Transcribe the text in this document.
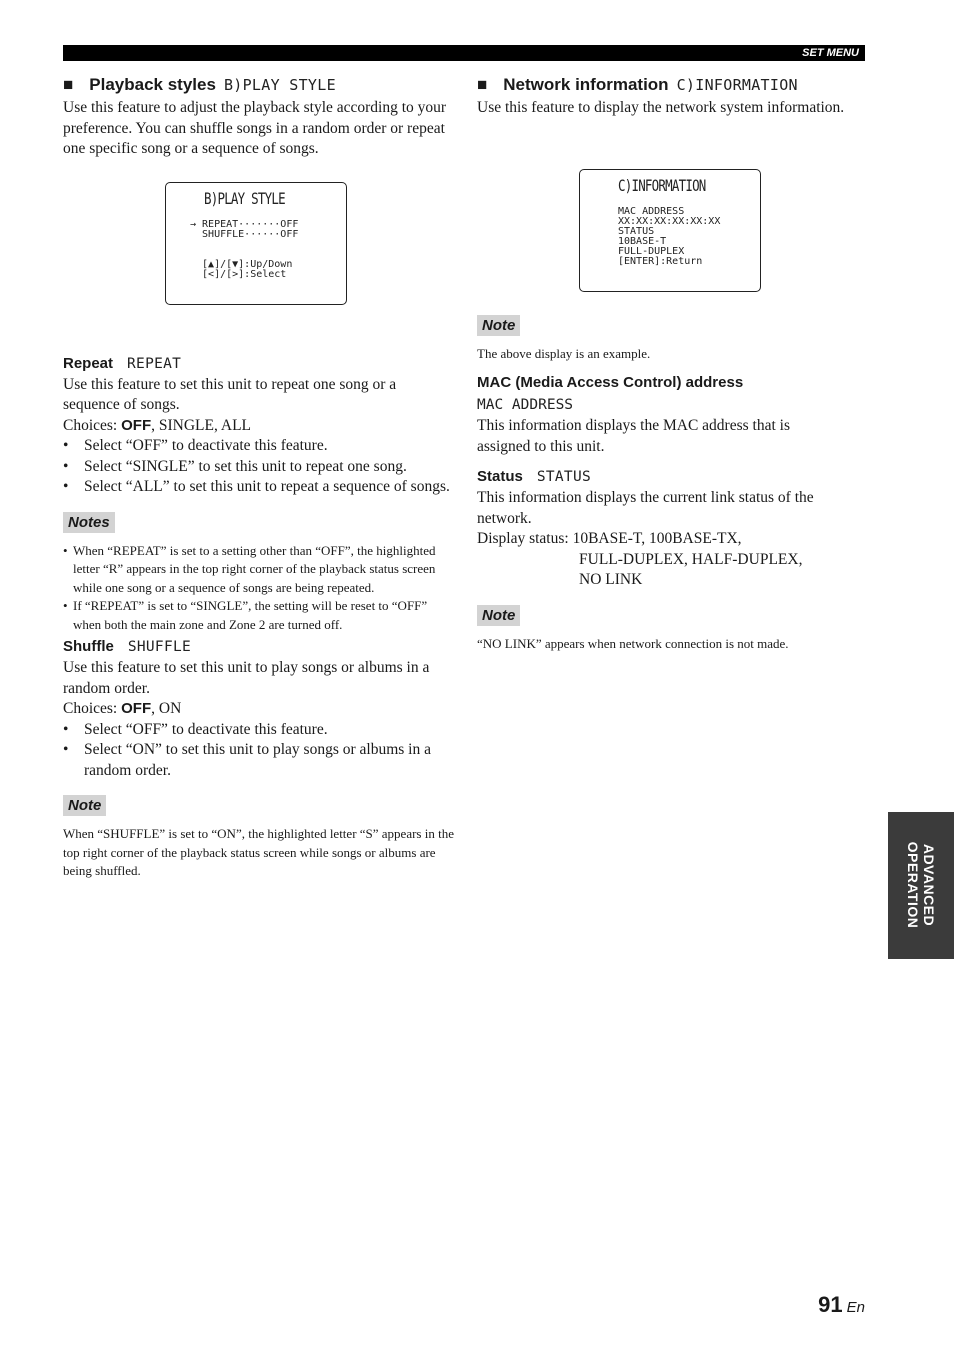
SET MENU
■ Playback styles B)PLAY STYLE

Use this feature to adjust the playback style according to your preference. You can shuffle songs in a random order or repeat one specific song or a sequence of songs.

Repeat REPEAT

Use this feature to set this unit to repeat one song or a sequence of songs.

Choices: OFF, SINGLE, ALL

• Select “OFF” to deactivate this feature.
• Select “SINGLE” to set this unit to repeat one song.
• Select “ALL” to set this unit to repeat a sequence of songs.
Notes
• When “REPEAT” is set to a setting other than “OFF”, the highlighted letter “R” appears in the top right corner of the playback status screen while one song or a sequence of songs are being repeated.
• If “REPEAT” is set to “SINGLE”, the setting will be reset to “OFF” when both the main zone and Zone 2 are turned off.
Shuffle SHUFFLE

Use this feature to set this unit to play songs or albums in a random order.

Choices: OFF, ON

• Select “OFF” to deactivate this feature.
• Select “ON” to set this unit to play songs or albums in a random order.
Note

When “SHUFFLE” is set to “ON”, the highlighted letter “S” appears in the top right corner of the playback status screen while songs or albums are being shuffled.

B)PLAY STYLE
→ REPEAT·······OFF
SHUFFLE······OFF

[▲]/[▼]:Up/Down
[<]/[>]:Select
■ Network information C)INFORMATION

Use this feature to display the network system information.

Note

The above display is an example.

MAC (Media Access Control) address

MAC ADDRESS

This information displays the MAC address that is assigned to this unit.

Status STATUS

This information displays the current link status of the network.

Display status: 10BASE-T, 100BASE-TX,
FULL-DUPLEX, HALF-DUPLEX,
NO LINK
Note

“NO LINK” appears when network connection is not made.

C)INFORMATION
MAC ADDRESS
XX:XX:XX:XX:XX:XX
STATUS
10BASE-T
FULL-DUPLEX
[ENTER]:Return
ADVANCED
OPERATION
91 En
